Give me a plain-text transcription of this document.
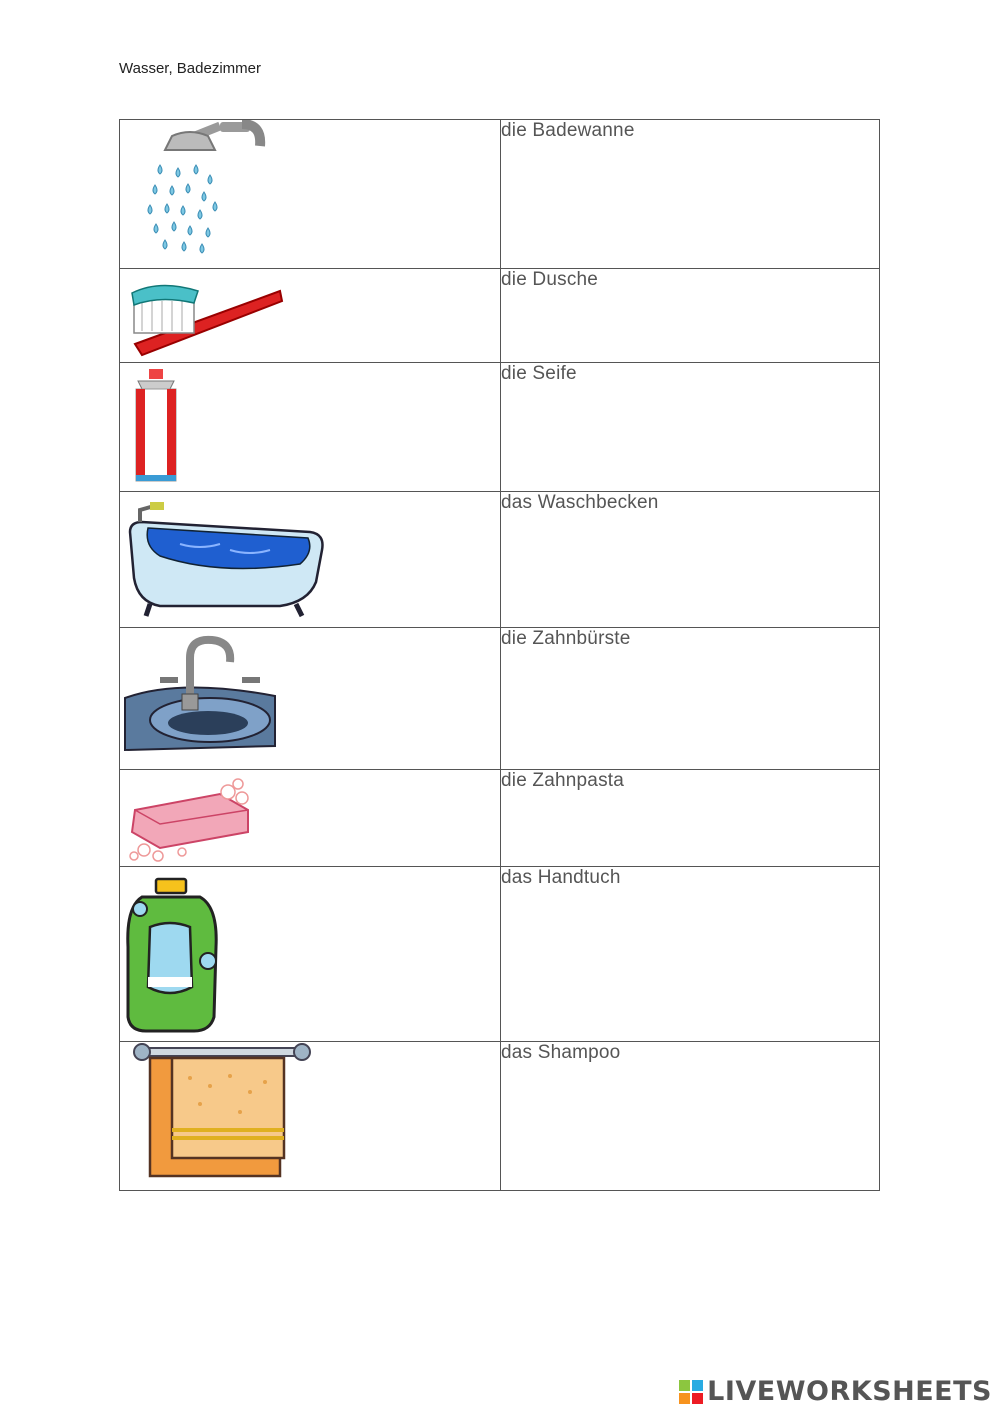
Wasser, Badezimmer
	die Badewanne

	die Dusche

	die Seife

	das Waschbecken

	die Zahnbürste

	die Zahnpasta

	das Handtuch

	das Shampoo
LIVEWORKSHEETS
